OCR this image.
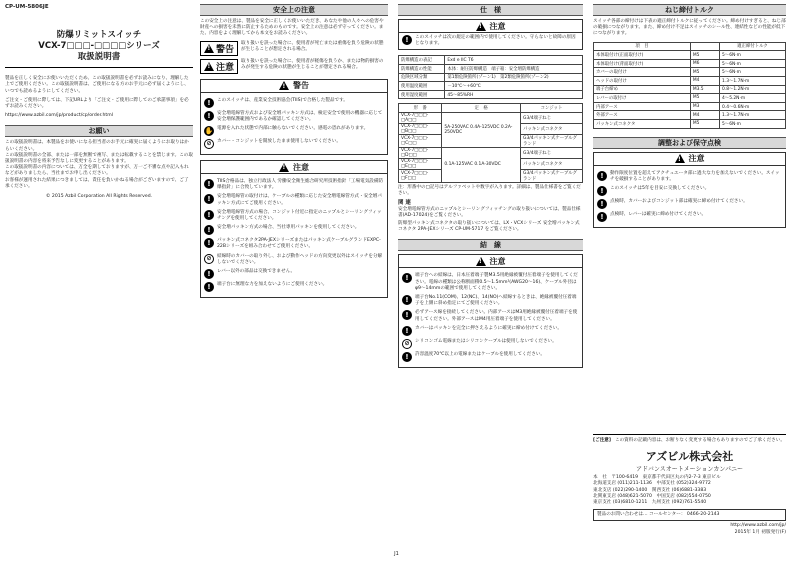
CP-UM-5806JE
防爆リミットスイッチ
VCX-7□□□-□□□□シリーズ
取扱説明書

製品を正しく安全にお使いいただくため、この取扱説明書を必ずお読みになり、理解した上でご使用ください。この取扱説明書は、ご使用になる方のお手元に必ず届くようにし、いつでも読めるようにしてください。

ご注文・ご使用に際しては、下記URLより「ご注文・ご使用に際してのご承諾事項」を必ずお読みください。

https://www.azbil.com/jp/product/cp/order.html

お願い

この取扱説明書は、本製品をお使いになる担当者のお手元に確実に届くようにお取りはからいください。

この取扱説明書の全部、または一部を無断で複写、または転載することを禁じます。この取扱説明書の内容を将来予告なしに変更することがあります。

この取扱説明書の内容については、万全を期しておりますが、万一ご不審な点や記入もれなどがありましたら、当社までお申し出ください。

お客様が運用された結果につきましては、責任を負いかねる場合がございますので、ご了承ください。

© 2015 Azbil Corporation All Rights Reserved.

安全上の注意

この安全上の注意は、製品を安全に正しくお使いいただき、あなたや他の人々への危害や財産への損害を未然に防止するためのものです。安全上の注意は必ず守ってください。また、内容をよく理解してから本文をお読みください。

!
警告

取り扱いを誤った場合に、使用者が死亡または重傷を負う危険の状態が生じることが想定される場合。

!
注意

取り扱いを誤った場合に、使用者が軽傷を負うか、または物的損害のみが発生する危険の状態が生じることが想定される場合。

!
警告
!	このスイッチは、産業安全技術協会(TIIS)で合格した製品です。

!	安全増電線管方式および安全増パッキン方式は、検定安全で使用の機器に応じて安全増保護範囲内であるか確認してください。

✋ 電源を入れた状態で内部に触らないでください。感電の恐れがあります。

⊘	カバー・コンジットを開放したまま使用しないでください。

!
注意
!	TIIS合格品は、独立行政法人 労働安全衛生総合研究所技術指針「工場電気設備防爆指針」に合致しています。

!	安全増電線管の取付けは、ケーブルの種類に応じた安全増電線管方式・安全増パッキン方式にてご使用ください。

!	安全増電線管方式の場合、コンジット付近に指定のニップルとシーリングフィッチングを使用してください。

!	安全増パッキン方式の場合、当社専用パッキンを使用してください。

!	パッキン式コネクタ2PA-JEXシリーズまたはパッキン式ケーブルグランドEXPC-22Bシリーズを組み合わせてご使用ください。

⊘	結線時のカバーの取り外し、および動作ヘッドの方向変更以外はスイッチを分解しないでください。

!	レバー以外の部品は交換できません。

!	端子台に無理な力を加えないようにご使用ください。

仕　様
!
注意
!	このスイッチは次の規定の範囲内で使用してください。守らないと故障の原因となります。

防爆構造の表記	Exd e IIC T6
防爆構造の性能	本体：耐圧防爆構造　端子箱：安全増防爆構造
危険区域分類	第1類危険箇所(ゾーン1)　第2類危険箇所(ゾーン2)
使用温度範囲	－10℃～+60℃
使用湿度範囲	45～85%RH
形　番	定　格	コンジット
VCX-7□□□-□A□□	5A-250VAC 0.4A-125VDC 0.2A-250VDC	G3/4端子ねじ
VCX-7□□□-□B□□		パッキン式コネクタ
VCX-7□□□-□C□□		G3/4パッキン式ケーブルグランド
VCX-7□□□-□D□□	0.1A-125VAC 0.1A-30VDC	G3/4端子ねじ
VCX-7□□□-□E□□		パッキン式コネクタ
VCX-7□□□-□F□□		G3/4パッキン式ケーブルグランド

注：形番中の□記号はアルファベットや数字が入ります。詳細は、製品仕様書をご覧ください。

関 連

安全増電線管方式のニップルとシーリングフィッチングの取り扱いについては、製品仕様書(AD-17024)をご覧ください。

防爆型パッキン式コネクタの取り扱いについては、LX・VCXシリーズ 安全増パッキン式コネクタ 2PA-JEXシリーズ CP-UM-5717 をご覧ください。

結　線
!
注意
!	端子台への結線は、日本圧着端子製M3.5用絶縁被覆付圧着端子を使用してください。電線の種類は公称断面積0.5～1.5mm²(AWG20～16)、ケーブル外径はφ9～14mmの範囲で使用してください。

!	端子台No.11(COM)、12(NC)、14(NO)へ結線するときは、絶縁被覆付圧着端子を上側に斜め指定にてご使用ください。

!	必ずアース線を接続してください。内部アースはM3用絶縁被覆付圧着端子を使用してください。外部アースはM4用圧着端子を使用してください。

!	カバーはパッキンを完全に押さえるように確実に締め付けてください。

⊘	シリコンゴム電線またはシリコンケーブルは使用しないでください。

!	許容温度70℃以上の電線またはケーブルを使用してください。

ねじ締付トルク

スイッチ各部の締付けは下表の適正締付トルクに従ってください。締め付けすぎると、ねじ部の破損につながります。また、締め付け不足はスイッチのシール性、連結性などの性能が低下につながります。

項　目		適正締付トルク
本体取付け(正面取付け)	M5	5～6N·m
本体取付け(背面取付け)	M6	5～6N·m
カバーの取付け	M5	5～6N·m
ヘッドの取付け	M4	1.3～1.7N·m
端子台締め	M3.5	0.8～1.2N·m
レバーの取付け	M5	4～5.2N·m
内部アース	M3	0.4～0.6N·m
外部アース	M4	1.3～1.7N·m
パッキン式コネクタ	M5	5～6N·m
調整および保守点検
!
注意
!	動作限度位置を超えてアクチュエータ部に過大な力を加えないでください。スイッチを破損することがあります。

!	このスイッチは5年を目安に交換してください。

!	点検時、カバーおよびコンジット部は確実に締め付けてください。

!	点検時、レバーは確実に締め付けてください。

[ご注意] この資料の記載内容は、お断りなく変更する場合もありますのでご了承ください。
アズビル株式会社
アドバンスオートメーションカンパニー

本　社　〒100-6419　東京都千代田区丸の内2-7-3 東京ビル

北海道支店 (011)211-1136　中部支社 (052)324-9772

東北支店 (022)290-1400　関西支社 (06)6881-3383

北関東支店 (048)621-5070　中国支店 (082)554-0750

東京支社 (03)6810-1211　九州支社 (092)761-5540

製品のお問い合わせは… コールセンター： 0466-20-2143

http://www.azbil.com/jp/

2015年 1月 初版発行(F)

J1
